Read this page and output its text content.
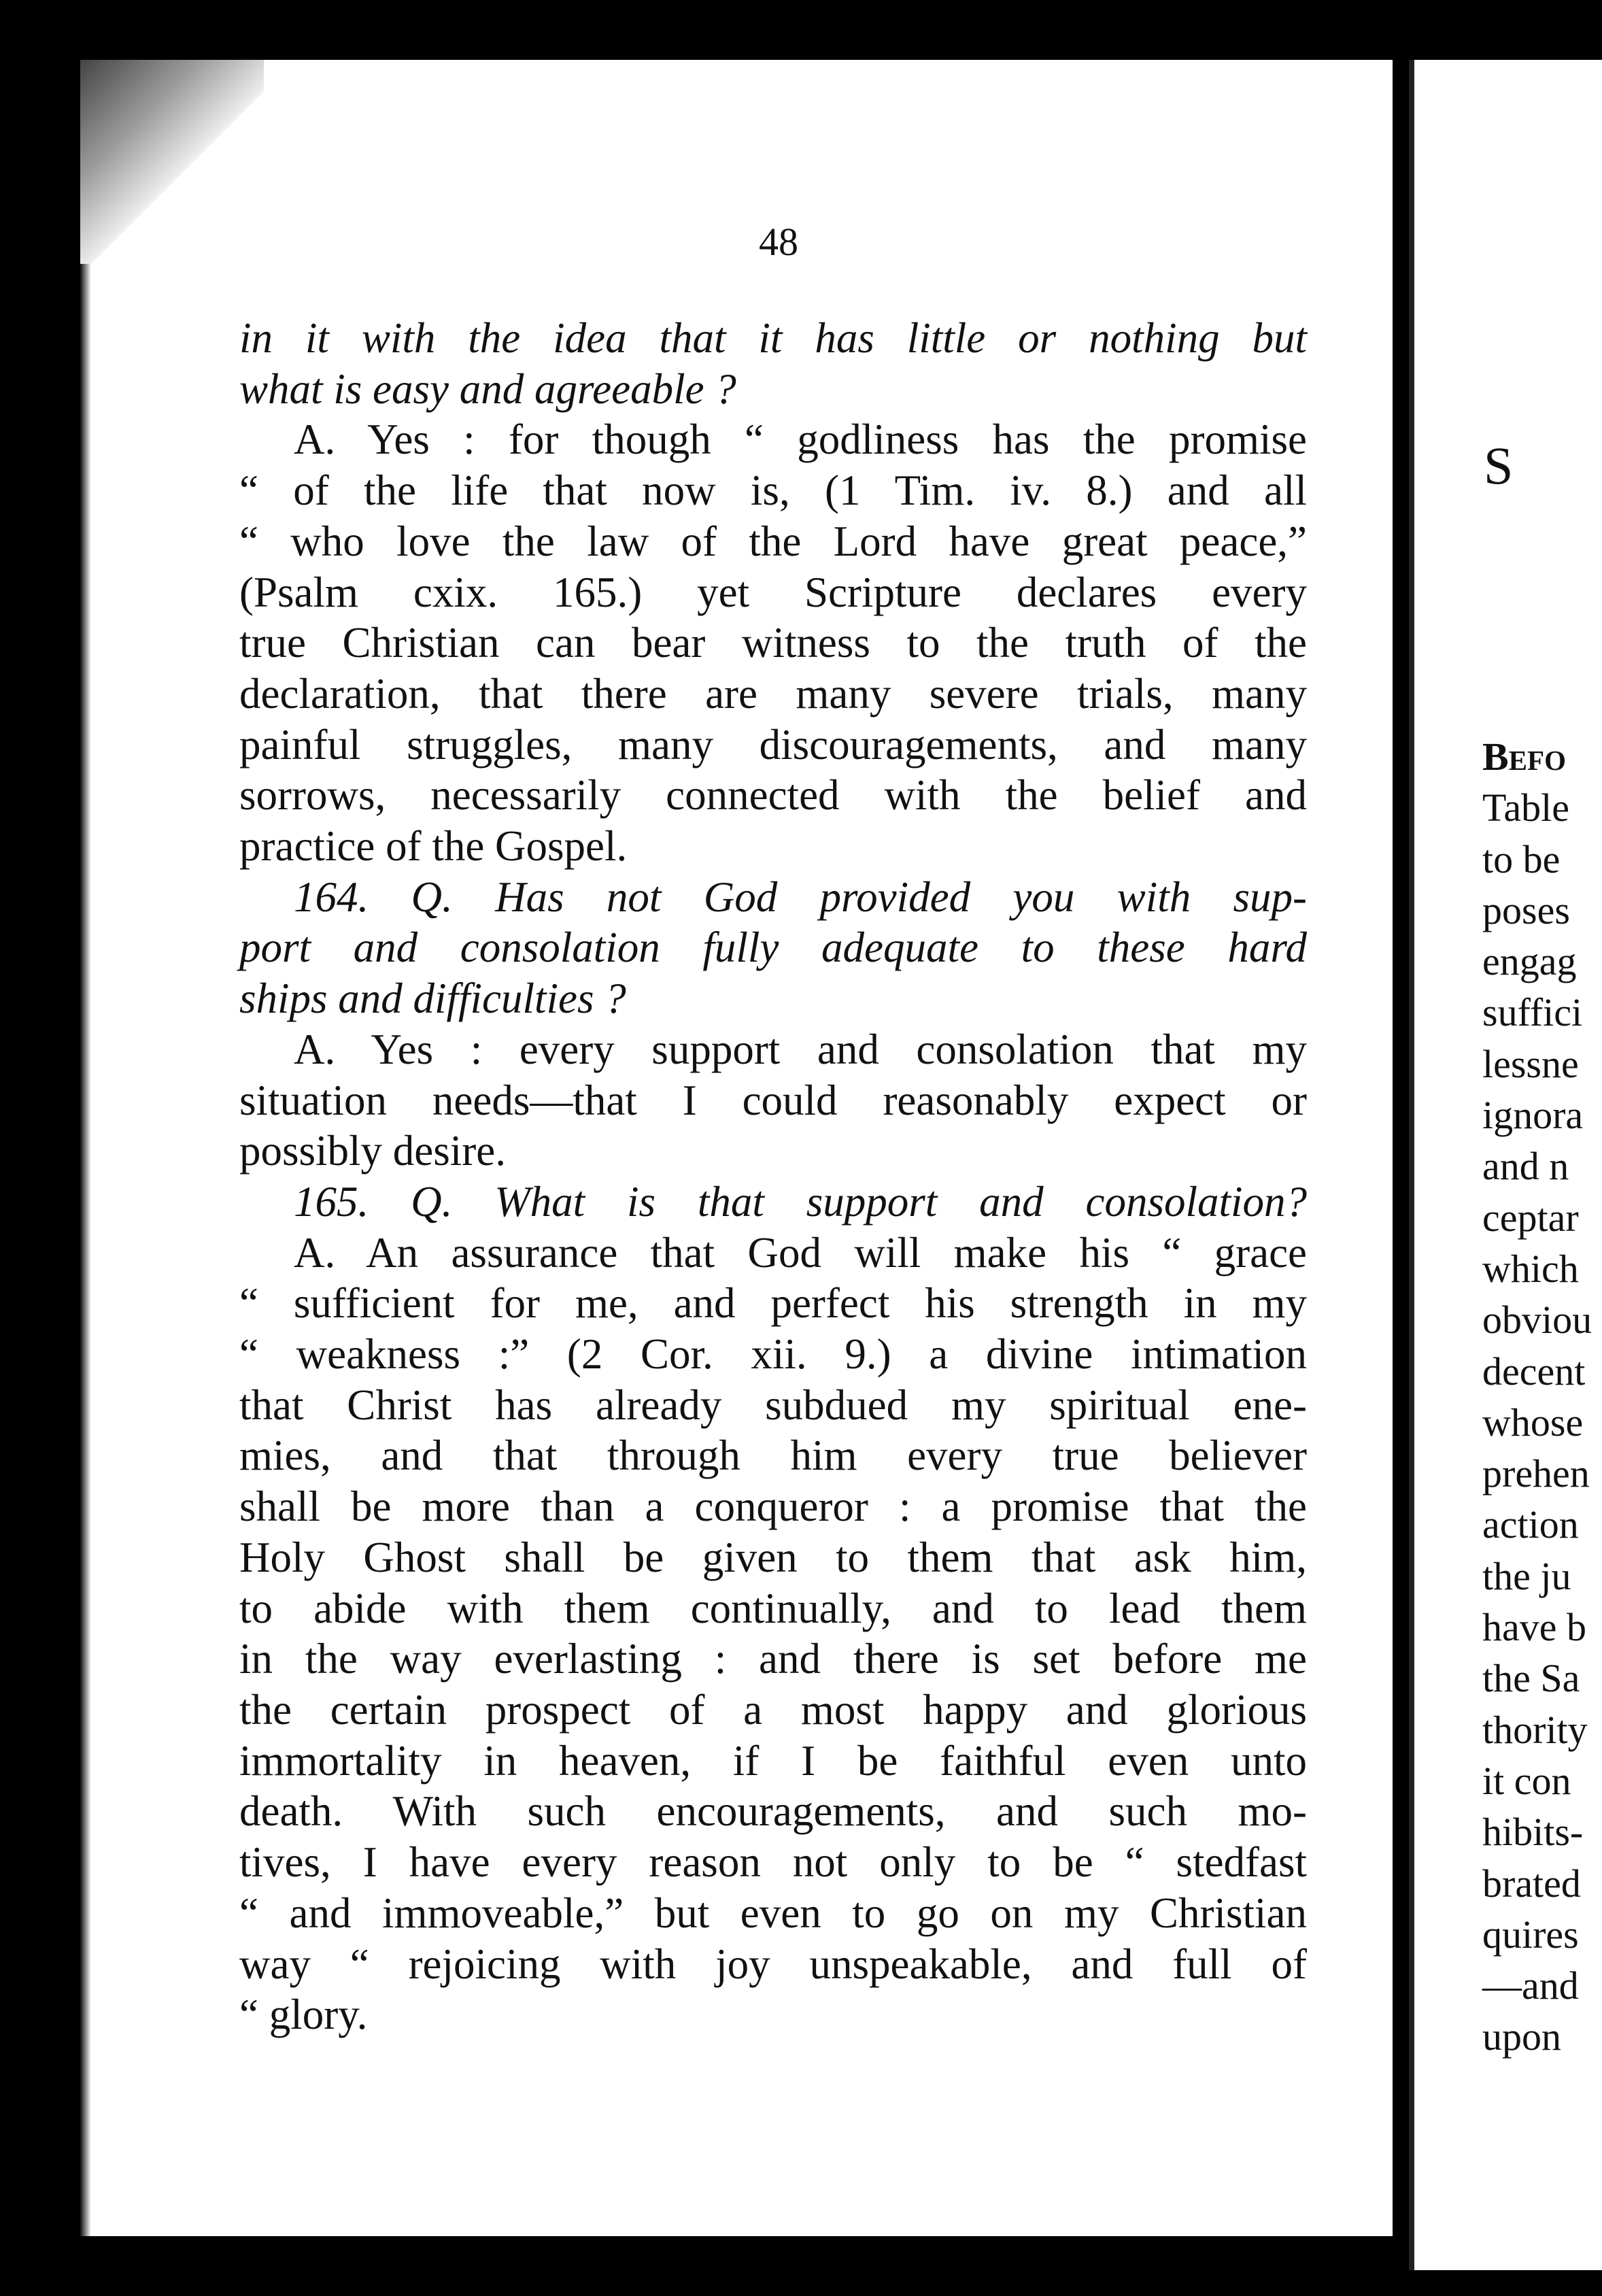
48
in it with the idea that it has little or nothing but
what is easy and agreeable ?
A. Yes : for though “ godliness has the promise
“ of the life that now is, (1 Tim. iv. 8.) and all
“ who love the law of the Lord have great peace,”
(Psalm cxix. 165.) yet Scripture declares every
true Christian can bear witness to the truth of the
declaration, that there are many severe trials, many
painful struggles, many discouragements, and many
sorrows, necessarily connected with the belief and
practice of the Gospel.
164. Q. Has not God provided you with sup-
port and consolation fully adequate to these hard
ships and difficulties ?
A. Yes : every support and consolation that my
situation needs—that I could reasonably expect or
possibly desire.
165. Q. What is that support and consolation?
A. An assurance that God will make his “ grace
“ sufficient for me, and perfect his strength in my
“ weakness :” (2 Cor. xii. 9.) a divine intimation
that Christ has already subdued my spiritual ene-
mies, and that through him every true believer
shall be more than a conqueror : a promise that the
Holy Ghost shall be given to them that ask him,
to abide with them continually, and to lead them
in the way everlasting : and there is set before me
the certain prospect of a most happy and glorious
immortality in heaven, if I be faithful even unto
death. With such encouragements, and such mo-
tives, I have every reason not only to be “ stedfast
“ and immoveable,” but even to go on my Christian
way “ rejoicing with joy unspeakable, and full of
“ glory.
S
Befo
Table
to be
poses
engag
suffici
lessne
ignora
and n
ceptar
which
obviou
decent
whose
prehen
action
the ju
have b
the Sa
thority
it con
hibits-
brated
quires
—and
upon
